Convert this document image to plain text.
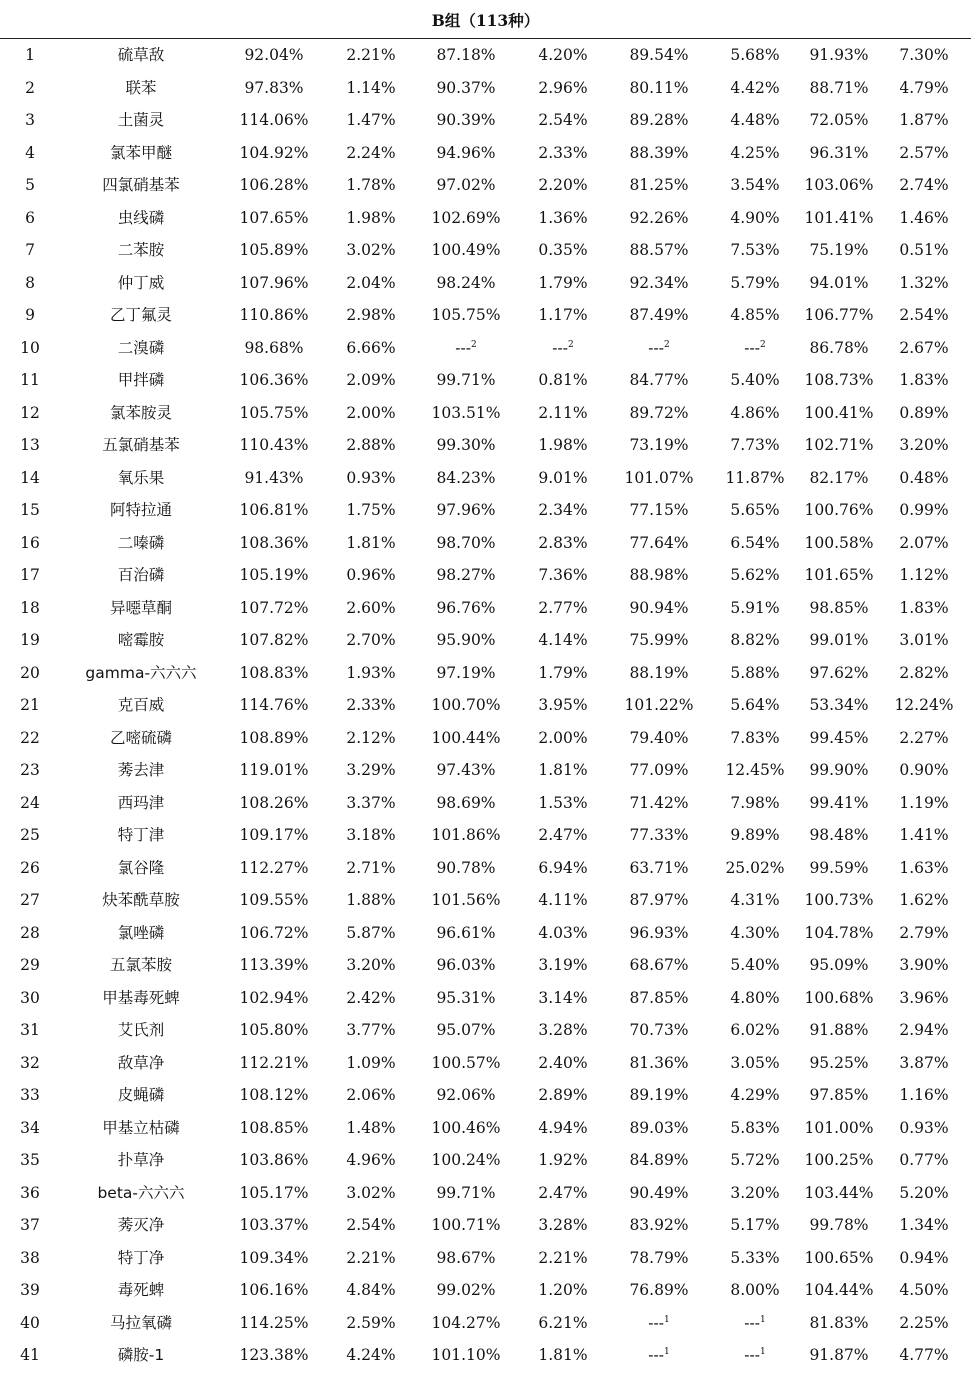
B组（113种）
1	硫草敌	92.04%	2.21%	87.18%	4.20%	89.54%	5.68%	91.93%	7.30%
2	联苯	97.83%	1.14%	90.37%	2.96%	80.11%	4.42%	88.71%	4.79%
3	土菌灵	114.06%	1.47%	90.39%	2.54%	89.28%	4.48%	72.05%	1.87%
4	氯苯甲醚	104.92%	2.24%	94.96%	2.33%	88.39%	4.25%	96.31%	2.57%
5	四氯硝基苯	106.28%	1.78%	97.02%	2.20%	81.25%	3.54%	103.06%	2.74%
6	虫线磷	107.65%	1.98%	102.69%	1.36%	92.26%	4.90%	101.41%	1.46%
7	二苯胺	105.89%	3.02%	100.49%	0.35%	88.57%	7.53%	75.19%	0.51%
8	仲丁威	107.96%	2.04%	98.24%	1.79%	92.34%	5.79%	94.01%	1.32%
9	乙丁氟灵	110.86%	2.98%	105.75%	1.17%	87.49%	4.85%	106.77%	2.54%
10	二溴磷	98.68%	6.66%	---$^2$	---$^2$	---$^2$	---$^2$	86.78%	2.67%
11	甲拌磷	106.36%	2.09%	99.71%	0.81%	84.77%	5.40%	108.73%	1.83%
12	氯苯胺灵	105.75%	2.00%	103.51%	2.11%	89.72%	4.86%	100.41%	0.89%
13	五氯硝基苯	110.43%	2.88%	99.30%	1.98%	73.19%	7.73%	102.71%	3.20%
14	氧乐果	91.43%	0.93%	84.23%	9.01%	101.07%	11.87%	82.17%	0.48%
15	阿特拉通	106.81%	1.75%	97.96%	2.34%	77.15%	5.65%	100.76%	0.99%
16	二嗪磷	108.36%	1.81%	98.70%	2.83%	77.64%	6.54%	100.58%	2.07%
17	百治磷	105.19%	0.96%	98.27%	7.36%	88.98%	5.62%	101.65%	1.12%
18	异噁草酮	107.72%	2.60%	96.76%	2.77%	90.94%	5.91%	98.85%	1.83%
19	嘧霉胺	107.82%	2.70%	95.90%	4.14%	75.99%	8.82%	99.01%	3.01%
20	gamma-六六六	108.83%	1.93%	97.19%	1.79%	88.19%	5.88%	97.62%	2.82%
21	克百威	114.76%	2.33%	100.70%	3.95%	101.22%	5.64%	53.34%	12.24%
22	乙嘧硫磷	108.89%	2.12%	100.44%	2.00%	79.40%	7.83%	99.45%	2.27%
23	莠去津	119.01%	3.29%	97.43%	1.81%	77.09%	12.45%	99.90%	0.90%
24	西玛津	108.26%	3.37%	98.69%	1.53%	71.42%	7.98%	99.41%	1.19%
25	特丁津	109.17%	3.18%	101.86%	2.47%	77.33%	9.89%	98.48%	1.41%
26	氯谷隆	112.27%	2.71%	90.78%	6.94%	63.71%	25.02%	99.59%	1.63%
27	炔苯酰草胺	109.55%	1.88%	101.56%	4.11%	87.97%	4.31%	100.73%	1.62%
28	氯唑磷	106.72%	5.87%	96.61%	4.03%	96.93%	4.30%	104.78%	2.79%
29	五氯苯胺	113.39%	3.20%	96.03%	3.19%	68.67%	5.40%	95.09%	3.90%
30	甲基毒死蜱	102.94%	2.42%	95.31%	3.14%	87.85%	4.80%	100.68%	3.96%
31	艾氏剂	105.80%	3.77%	95.07%	3.28%	70.73%	6.02%	91.88%	2.94%
32	敌草净	112.21%	1.09%	100.57%	2.40%	81.36%	3.05%	95.25%	3.87%
33	皮蝇磷	108.12%	2.06%	92.06%	2.89%	89.19%	4.29%	97.85%	1.16%
34	甲基立枯磷	108.85%	1.48%	100.46%	4.94%	89.03%	5.83%	101.00%	0.93%
35	扑草净	103.86%	4.96%	100.24%	1.92%	84.89%	5.72%	100.25%	0.77%
36	beta-六六六	105.17%	3.02%	99.71%	2.47%	90.49%	3.20%	103.44%	5.20%
37	莠灭净	103.37%	2.54%	100.71%	3.28%	83.92%	5.17%	99.78%	1.34%
38	特丁净	109.34%	2.21%	98.67%	2.21%	78.79%	5.33%	100.65%	0.94%
39	毒死蜱	106.16%	4.84%	99.02%	1.20%	76.89%	8.00%	104.44%	4.50%
40	马拉氧磷	114.25%	2.59%	104.27%	6.21%	---$^1$	---$^1$	81.83%	2.25%
41	磷胺-1	123.38%	4.24%	101.10%	1.81%	---$^1$	---$^1$	91.87%	4.77%
